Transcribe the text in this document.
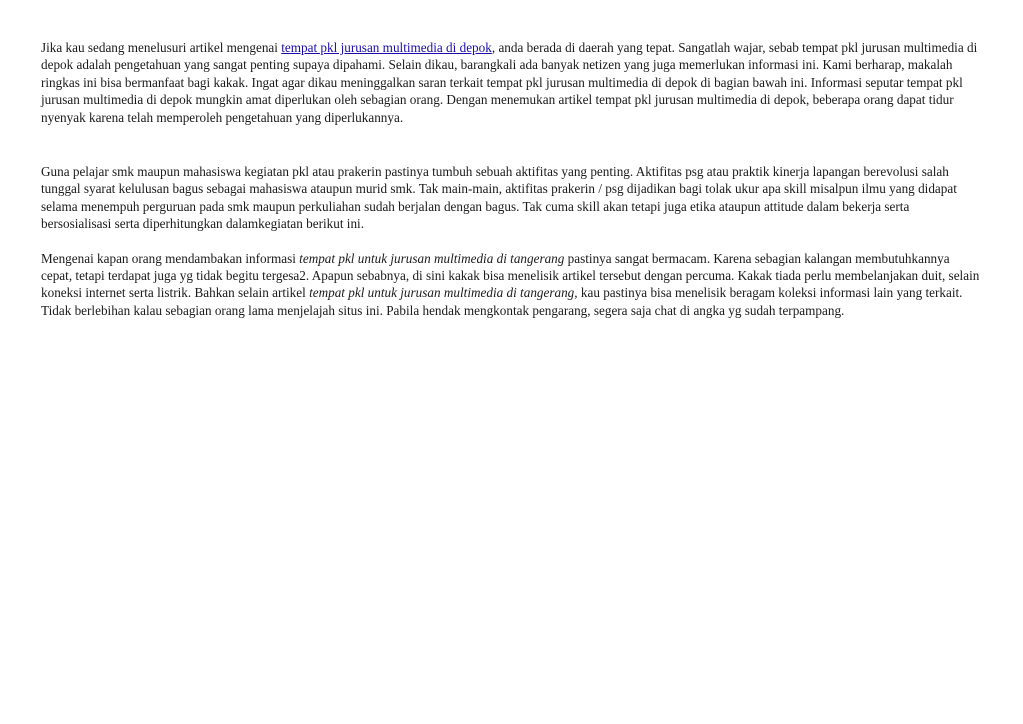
Jika kau sedang menelusuri artikel mengenai tempat pkl jurusan multimedia di depok, anda berada di daerah yang tepat. Sangatlah wajar, sebab tempat pkl jurusan multimedia di depok adalah pengetahuan yang sangat penting supaya dipahami. Selain dikau, barangkali ada banyak netizen yang juga memerlukan informasi ini. Kami berharap, makalah ringkas ini bisa bermanfaat bagi kakak. Ingat agar dikau meninggalkan saran terkait tempat pkl jurusan multimedia di depok di bagian bawah ini. Informasi seputar tempat pkl jurusan multimedia di depok mungkin amat diperlukan oleh sebagian orang. Dengan menemukan artikel tempat pkl jurusan multimedia di depok, beberapa orang dapat tidur nyenyak karena telah memperoleh pengetahuan yang diperlukannya.

Guna pelajar smk maupun mahasiswa kegiatan pkl atau prakerin pastinya tumbuh sebuah aktifitas yang penting. Aktifitas psg atau praktik kinerja lapangan berevolusi salah tunggal syarat kelulusan bagus sebagai mahasiswa ataupun murid smk. Tak main-main, aktifitas prakerin / psg dijadikan bagi tolak ukur apa skill misalpun ilmu yang didapat selama menempuh perguruan pada smk maupun perkuliahan sudah berjalan dengan bagus. Tak cuma skill akan tetapi juga etika ataupun attitude dalam bekerja serta bersosialisasi serta diperhitungkan dalamkegiatan berikut ini.

Mengenai kapan orang mendambakan informasi tempat pkl untuk jurusan multimedia di tangerang pastinya sangat bermacam. Karena sebagian kalangan membutuhkannya cepat, tetapi terdapat juga yg tidak begitu tergesa2. Apapun sebabnya, di sini kakak bisa menelisik artikel tersebut dengan percuma. Kakak tiada perlu membelanjakan duit, selain koneksi internet serta listrik. Bahkan selain artikel tempat pkl untuk jurusan multimedia di tangerang, kau pastinya bisa menelisik beragam koleksi informasi lain yang terkait. Tidak berlebihan kalau sebagian orang lama menjelajah situs ini. Pabila hendak mengkontak pengarang, segera saja chat di angka yg sudah terpampang.
